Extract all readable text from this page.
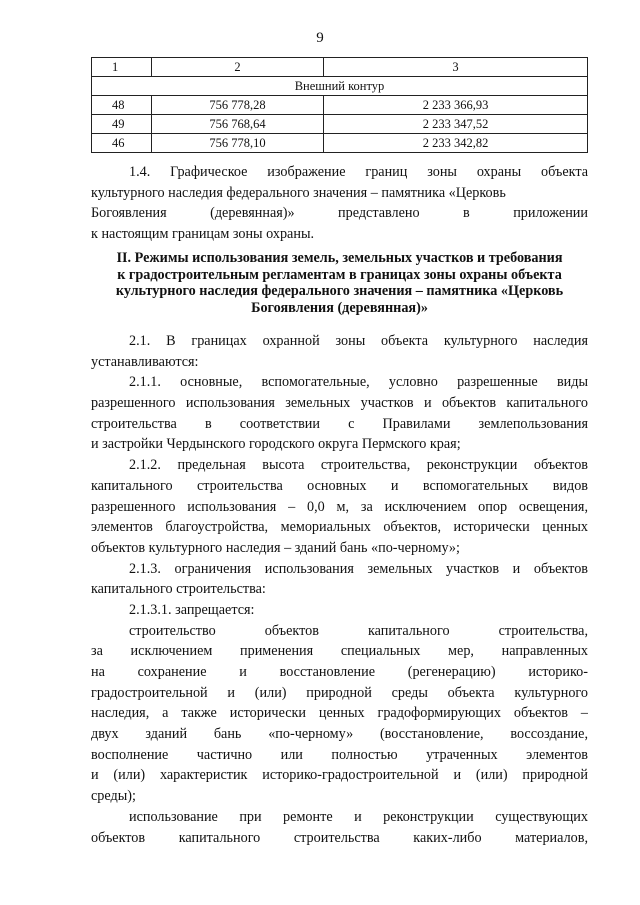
9
1	2	3
Внешний контур		
48	756 778,28	2 233 366,93
49	756 768,64	2 233 347,52
46	756 778,10	2 233 342,82
1.4. Графическое изображение границ зоны охраны объекта
культурного наследия федерального значения – памятника «Церковь
Богоявления (деревянная)» представлено в приложении
к настоящим границам зоны охраны.
II. Режимы использования земель, земельных участков и требования
к градостроительным регламентам в границах зоны охраны объекта
культурного наследия федерального значения – памятника «Церковь
Богоявления (деревянная)»
2.1. В границах охранной зоны объекта культурного наследия
устанавливаются:
2.1.1. основные, вспомогательные, условно разрешенные виды
разрешенного использования земельных участков и объектов капитального
строительства в соответствии с Правилами землепользования
и застройки Чердынского городского округа Пермского края;
2.1.2. предельная высота строительства, реконструкции объектов
капитального строительства основных и вспомогательных видов
разрешенного использования – 0,0 м, за исключением опор освещения,
элементов благоустройства, мемориальных объектов, исторически ценных
объектов культурного наследия – зданий бань «по-черному»;
2.1.3. ограничения использования земельных участков и объектов
капитального строительства:
2.1.3.1. запрещается:
строительство объектов капитального строительства,
за исключением применения специальных мер, направленных
на сохранение и восстановление (регенерацию) историко-
градостроительной и (или) природной среды объекта культурного
наследия, а также исторически ценных градоформирующих объектов –
двух зданий бань «по-черному» (восстановление, воссоздание,
восполнение частично или полностью утраченных элементов
и (или) характеристик историко-градостроительной и (или) природной
среды);
использование при ремонте и реконструкции существующих
объектов капитального строительства каких-либо материалов,
